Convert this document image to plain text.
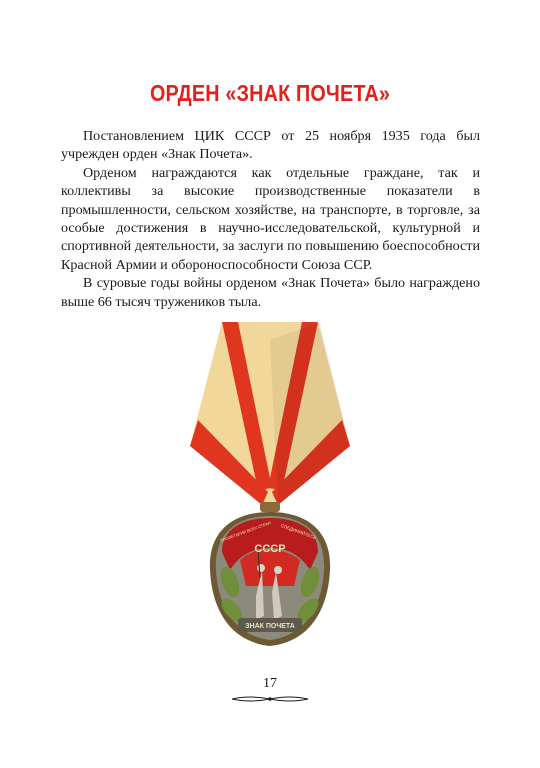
ОРДЕН «ЗНАК ПОЧЕТА»

Постановлением ЦИК СССР от 25 ноября 1935 года был учрежден орден «Знак Почета».

Орденом награждаются как отдельные граждане, так и коллективы за высокие производственные показатели в промышленности, сельском хозяйстве, на транспорте, в торговле, за особые достижения в научно-исследовательской, культурной и спортивной деятельности, за заслуги по повышению боеспособности Красной Армии и обороноспособности Союза ССР.

В суровые годы войны орденом «Знак Почета» было награждено выше 66 тысяч тружеников тыла.

СССР
ПРОЛЕТАРИИ ВСЕХ СТРАН СОЕДИНЯЙТЕСЬ
ЗНАК ПОЧЕТА
17
